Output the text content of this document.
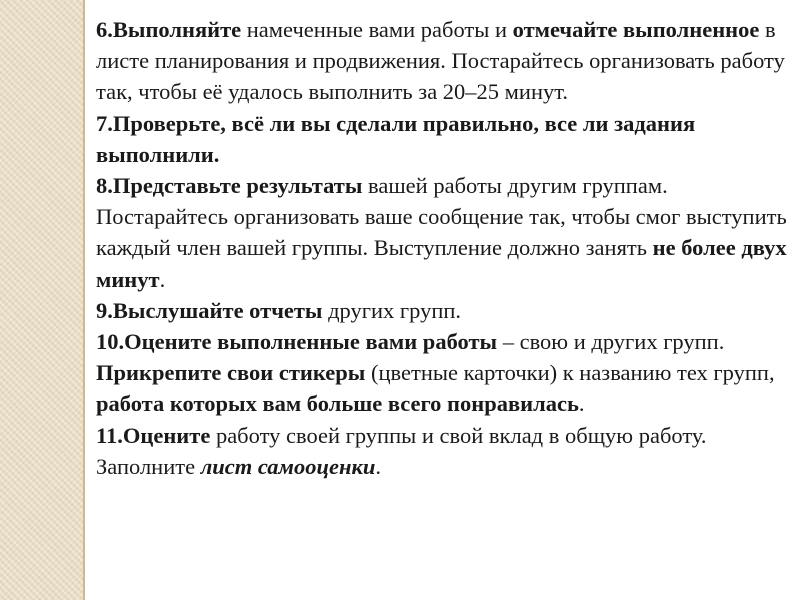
6.Выполняйте намеченные вами работы и отмечайте выполненное в листе планирования и продвижения. Постарайтесь организовать работу так, чтобы её удалось выполнить за 20–25 минут.

7.Проверьте, всё ли вы сделали правильно, все ли задания выполнили.

8.Представьте результаты вашей работы другим группам. Постарайтесь организовать ваше сообщение так, чтобы смог выступить каждый член вашей группы. Выступление должно занять не более двух минут.

9.Выслушайте отчеты других групп.

10.Оцените выполненные вами работы – свою и других групп. Прикрепите свои стикеры (цветные карточки) к названию тех групп, работа которых вам больше всего понравилась.

11.Оцените работу своей группы и свой вклад в общую работу. Заполните лист самооценки.
